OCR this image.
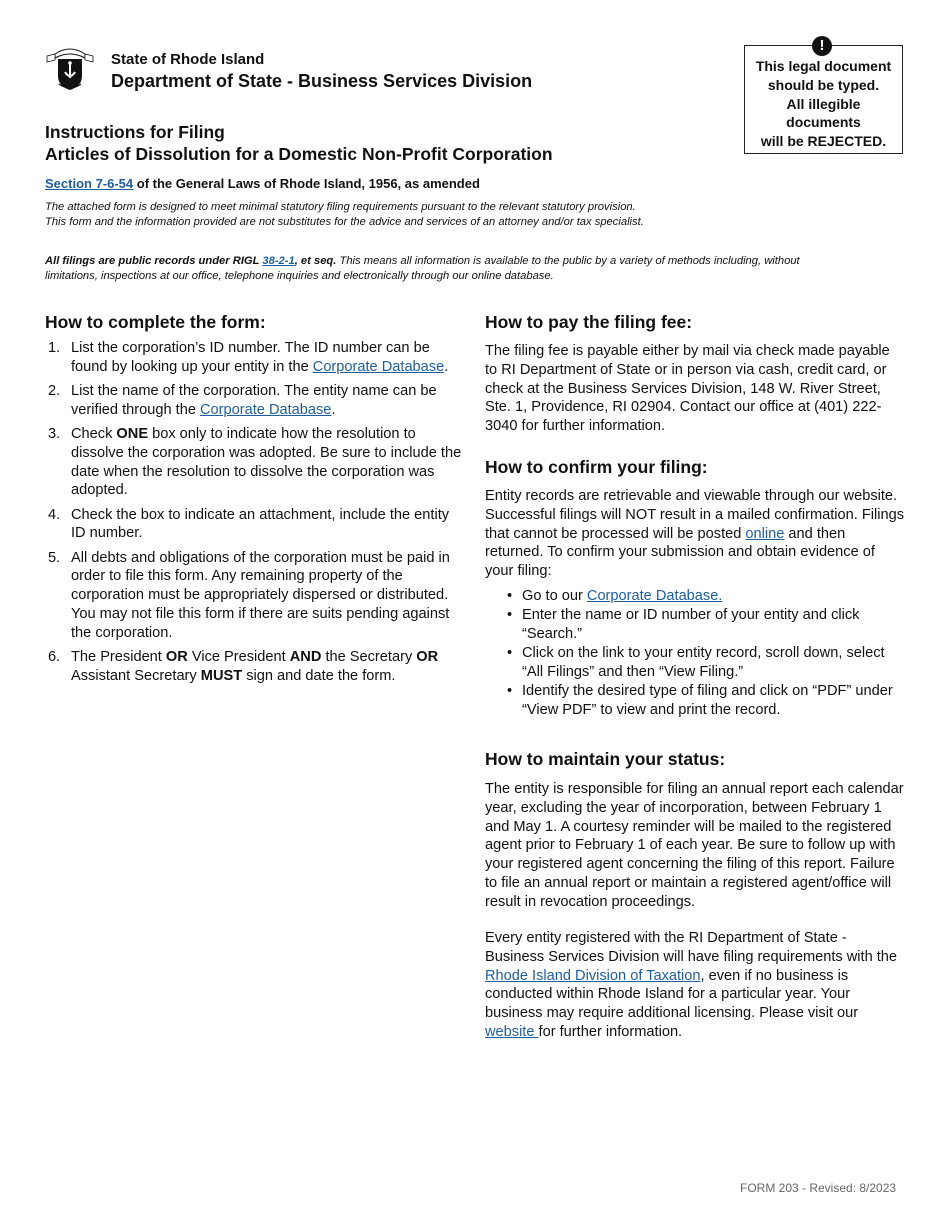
State of Rhode Island
Department of State - Business Services Division
!
This legal document
should be typed.
All illegible
documents
will be REJECTED.
Instructions for Filing
Articles of Dissolution for a Domestic Non-Profit Corporation
Section 7-6-54 of the General Laws of Rhode Island, 1956, as amended
The attached form is designed to meet minimal statutory filing requirements pursuant to the relevant statutory provision.
This form and the information provided are not substitutes for the advice and services of an attorney and/or tax specialist.
All filings are public records under RIGL 38-2-1, et seq. This means all information is available to the public by a variety of methods including, without limitations, inspections at our office, telephone inquiries and electronically through our online database.
How to complete the form:
1. List the corporation’s ID number. The ID number can be found by looking up your entity in the Corporate Database.
2. List the name of the corporation. The entity name can be verified through the Corporate Database.
3. Check ONE box only to indicate how the resolution to dissolve the corporation was adopted. Be sure to include the date when the resolution to dissolve the corporation was adopted.
4. Check the box to indicate an attachment, include the entity ID number.
5. All debts and obligations of the corporation must be paid in order to file this form. Any remaining property of the corporation must be appropriately dispersed or distributed. You may not file this form if there are suits pending against the corporation.
6. The President OR Vice President AND the Secretary OR Assistant Secretary MUST sign and date the form.
How to pay the filing fee:
The filing fee is payable either by mail via check made payable to RI Department of State or in person via cash, credit card, or check at the Business Services Division, 148 W. River Street, Ste. 1, Providence, RI 02904. Contact our office at (401) 222-3040 for further information.
How to confirm your filing:
Entity records are retrievable and viewable through our website. Successful filings will NOT result in a mailed confirmation. Filings that cannot be processed will be posted online and then returned. To confirm your submission and obtain evidence of your filing:
• Go to our Corporate Database.
• Enter the name or ID number of your entity and click “Search.”
• Click on the link to your entity record, scroll down, select “All Filings” and then “View Filing.”
• Identify the desired type of filing and click on “PDF” under “View PDF” to view and print the record.
How to maintain your status:
The entity is responsible for filing an annual report each calendar year, excluding the year of incorporation, between February 1 and May 1. A courtesy reminder will be mailed to the registered agent prior to February 1 of each year. Be sure to follow up with your registered agent concerning the filing of this report. Failure to file an annual report or maintain a registered agent/office will result in revocation proceedings.
Every entity registered with the RI Department of State - Business Services Division will have filing requirements with the Rhode Island Division of Taxation, even if no business is conducted within Rhode Island for a particular year. Your business may require additional licensing. Please visit our website for further information.
FORM 203 - Revised: 8/2023
